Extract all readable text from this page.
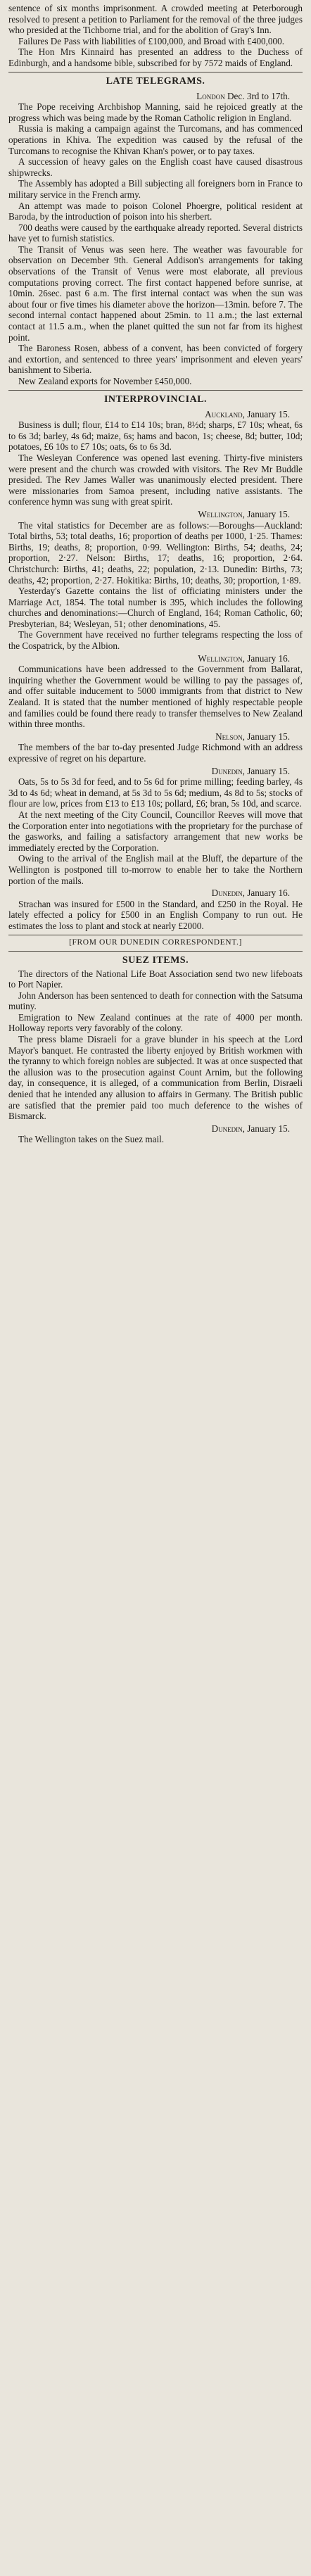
sentence of six months imprisonment. A crowded meeting at Peterborough resolved to present a petition to Parliament for the removal of the three judges who presided at the Tichborne trial, and for the abolition of Gray's Inn.

Failures De Pass with liabilities of £100,000, and Broad with £400,000.

The Hon Mrs Kinnaird has presented an address to the Duchess of Edinburgh, and a handsome bible, subscribed for by 7572 maids of England.

LATE TELEGRAMS.

London Dec. 3rd to 17th.

The Pope receiving Archbishop Manning, said he rejoiced greatly at the progress which was being made by the Roman Catholic religion in England.

Russia is making a campaign against the Turcomans, and has commenced operations in Khiva. The expedition was caused by the refusal of the Turcomans to recognise the Khivan Khan's power, or to pay taxes.

A succession of heavy gales on the English coast have caused disastrous shipwrecks.

The Assembly has adopted a Bill subjecting all foreigners born in France to military service in the French army.

An attempt was made to poison Colonel Phoergre, political resident at Baroda, by the introduction of poison into his sherbert.

700 deaths were caused by the earthquake already reported. Several districts have yet to furnish statistics.

The Transit of Venus was seen here. The weather was favourable for observation on December 9th. General Addison's arrangements for taking observations of the Transit of Venus were most elaborate, all previous computations proving correct. The first contact happened before sunrise, at 10min. 26sec. past 6 a.m. The first internal contact was when the sun was about four or five times his diameter above the horizon—13min. before 7. The second internal contact happened about 25min. to 11 a.m.; the last external contact at 11.5 a.m., when the planet quitted the sun not far from its highest point.

The Baroness Rosen, abbess of a convent, has been convicted of forgery and extortion, and sentenced to three years' imprisonment and eleven years' banishment to Siberia.

New Zealand exports for November £450,000.

INTERPROVINCIAL.

Auckland, January 15.

Business is dull; flour, £14 to £14 10s; bran, 8½d; sharps, £7 10s; wheat, 6s to 6s 3d; barley, 4s 6d; maize, 6s; hams and bacon, 1s; cheese, 8d; butter, 10d; potatoes, £6 10s to £7 10s; oats, 6s to 6s 3d.

The Wesleyan Conference was opened last evening. Thirty-five ministers were present and the church was crowded with visitors. The Rev Mr Buddle presided. The Rev James Waller was unanimously elected president. There were missionaries from Samoa present, including native assistants. The conference hymn was sung with great spirit.

Wellington, January 15.

The vital statistics for December are as follows:—Boroughs—Auckland: Total births, 53; total deaths, 16; proportion of deaths per 1000, 1·25. Thames: Births, 19; deaths, 8; proportion, 0·99. Wellington: Births, 54; deaths, 24; proportion, 2·27. Nelson: Births, 17; deaths, 16; proportion, 2·64. Christchurch: Births, 41; deaths, 22; population, 2·13. Dunedin: Births, 73; deaths, 42; proportion, 2·27. Hokitika: Births, 10; deaths, 30; proportion, 1·89.

Yesterday's Gazette contains the list of officiating ministers under the Marriage Act, 1854. The total number is 395, which includes the following churches and denominations:—Church of England, 164; Roman Catholic, 60; Presbyterian, 84; Wesleyan, 51; other denominations, 45.

The Government have received no further telegrams respecting the loss of the Cospatrick, by the Albion.

Wellington, January 16.

Communications have been addressed to the Government from Ballarat, inquiring whether the Government would be willing to pay the passages of, and offer suitable inducement to 5000 immigrants from that district to New Zealand. It is stated that the number mentioned of highly respectable people and families could be found there ready to transfer themselves to New Zealand within three months.

Nelson, January 15.

The members of the bar to-day presented Judge Richmond with an address expressive of regret on his departure.

Dunedin, January 15.

Oats, 5s to 5s 3d for feed, and to 5s 6d for prime milling; feeding barley, 4s 3d to 4s 6d; wheat in demand, at 5s 3d to 5s 6d; medium, 4s 8d to 5s; stocks of flour are low, prices from £13 to £13 10s; pollard, £6; bran, 5s 10d, and scarce.

At the next meeting of the City Council, Councillor Reeves will move that the Corporation enter into negotiations with the proprietary for the purchase of the gasworks, and failing a satisfactory arrangement that new works be immediately erected by the Corporation.

Owing to the arrival of the English mail at the Bluff, the departure of the Wellington is postponed till to-morrow to enable her to take the Northern portion of the mails.

Dunedin, January 16.

Strachan was insured for £500 in the Standard, and £250 in the Royal. He lately effected a policy for £500 in an English Company to run out. He estimates the loss to plant and stock at nearly £2000.

[FROM OUR DUNEDIN CORRESPONDENT.]

SUEZ ITEMS.

The directors of the National Life Boat Association send two new lifeboats to Port Napier.

John Anderson has been sentenced to death for connection with the Satsuma mutiny.

Emigration to New Zealand continues at the rate of 4000 per month. Holloway reports very favorably of the colony.

The press blame Disraeli for a grave blunder in his speech at the Lord Mayor's banquet. He contrasted the liberty enjoyed by British workmen with the tyranny to which foreign nobles are subjected. It was at once suspected that the allusion was to the prosecution against Count Arnim, but the following day, in consequence, it is alleged, of a communication from Berlin, Disraeli denied that he intended any allusion to affairs in Germany. The British public are satisfied that the premier paid too much deference to the wishes of Bismarck.

Dunedin, January 15.

The Wellington takes on the Suez mail.
